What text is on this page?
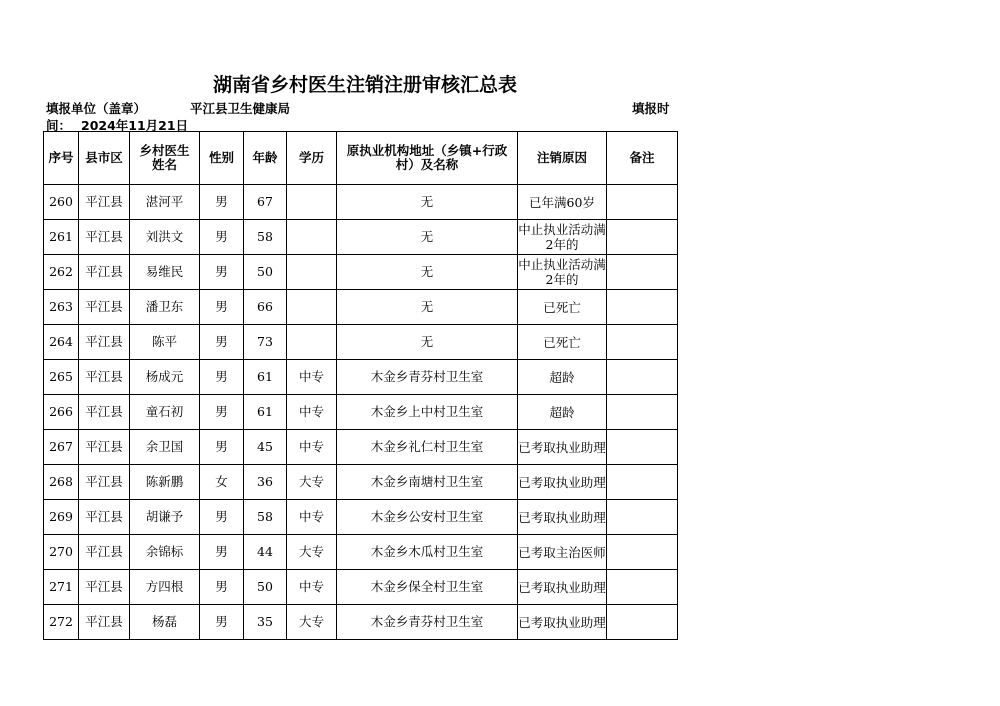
湖南省乡村医生注销注册审核汇总表
填报单位（盖章）	平江县卫生健康局	填报时
间： 2024年11月21日
序号	县市区	乡村医生姓名	性别	年龄	学历	原执业机构地址（乡镇+行政村）及名称	注销原因	备注
260	平江县	湛河平	男	67		无	已年满60岁	
261	平江县	刘洪文	男	58		无	中止执业活动满2年的	
262	平江县	易维民	男	50		无	中止执业活动满2年的	
263	平江县	潘卫东	男	66		无	已死亡	
264	平江县	陈平	男	73		无	已死亡	
265	平江县	杨成元	男	61	中专	木金乡青芬村卫生室	超龄	
266	平江县	童石初	男	61	中专	木金乡上中村卫生室	超龄	
267	平江县	余卫国	男	45	中专	木金乡礼仁村卫生室	已考取执业助理	
268	平江县	陈新鹏	女	36	大专	木金乡南塘村卫生室	已考取执业助理	
269	平江县	胡谦予	男	58	中专	木金乡公安村卫生室	已考取执业助理	
270	平江县	余锦标	男	44	大专	木金乡木瓜村卫生室	已考取主治医师	
271	平江县	方四根	男	50	中专	木金乡保全村卫生室	已考取执业助理	
272	平江县	杨磊	男	35	大专	木金乡青芬村卫生室	已考取执业助理	
